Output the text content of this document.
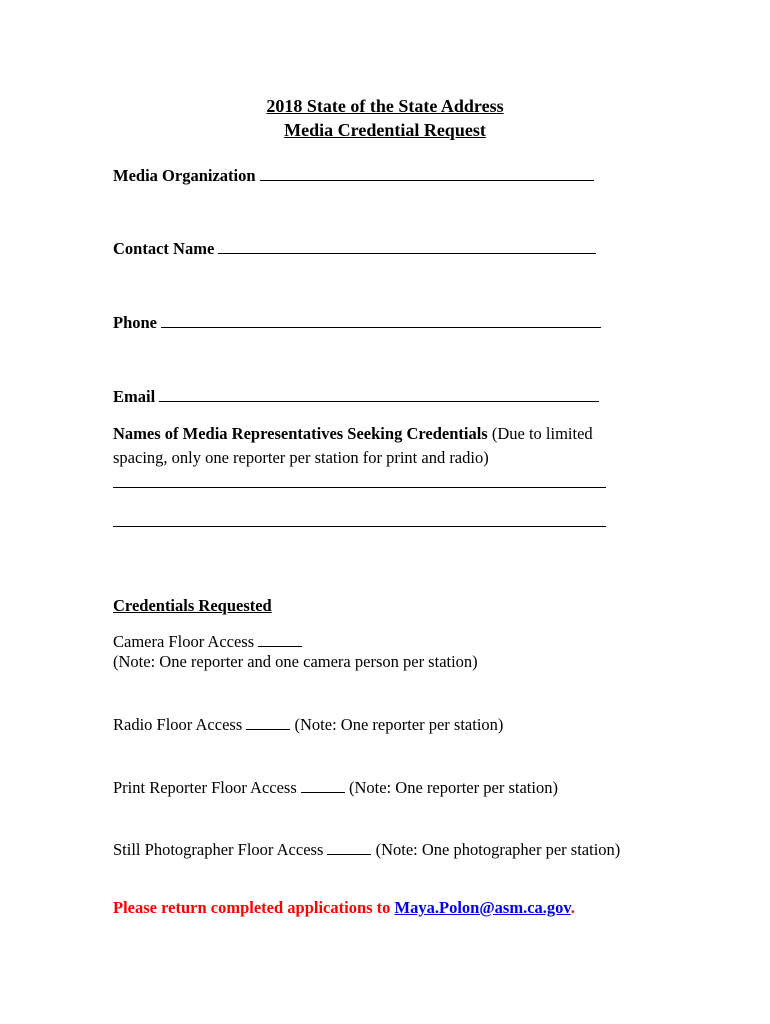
2018 State of the State Address
Media Credential Request
Media Organization
Contact Name
Phone
Email
Names of Media Representatives Seeking Credentials (Due to limited
spacing, only one reporter per station for print and radio)
Credentials Requested
Camera Floor Access
(Note: One reporter and one camera person per station)
Radio Floor Access	(Note: One reporter per station)
Print Reporter Floor Access	(Note: One reporter per station)
Still Photographer Floor Access	(Note: One photographer per station)
Please return completed applications to Maya.Polon@asm.ca.gov.
